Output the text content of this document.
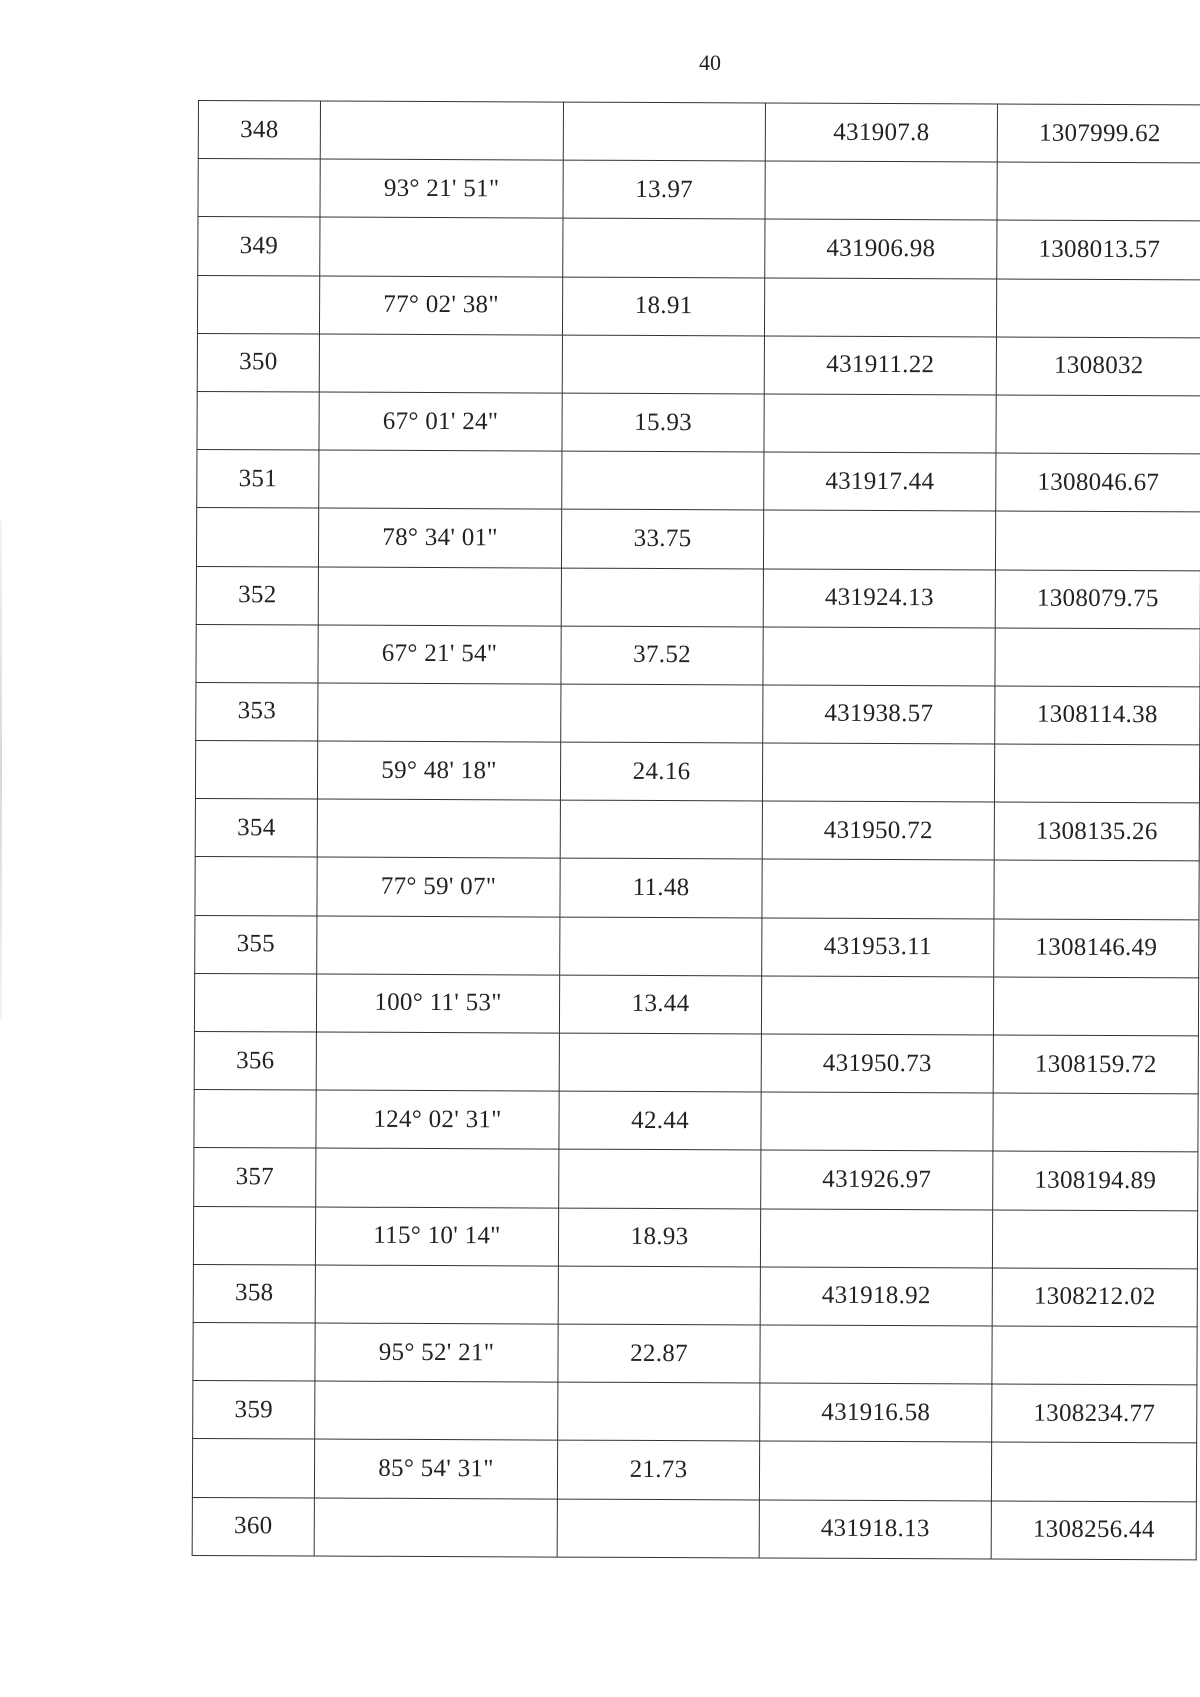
40
348			431907.8	1307999.62
	93° 21' 51"	13.97		
349			431906.98	1308013.57
	77° 02' 38"	18.91		
350			431911.22	1308032
	67° 01' 24"	15.93		
351			431917.44	1308046.67
	78° 34' 01"	33.75		
352			431924.13	1308079.75
	67° 21' 54"	37.52		
353			431938.57	1308114.38
	59° 48' 18"	24.16		
354			431950.72	1308135.26
	77° 59' 07"	11.48		
355			431953.11	1308146.49
	100° 11' 53"	13.44		
356			431950.73	1308159.72
	124° 02' 31"	42.44		
357			431926.97	1308194.89
	115° 10' 14"	18.93		
358			431918.92	1308212.02
	95° 52' 21"	22.87		
359			431916.58	1308234.77
	85° 54' 31"	21.73		
360			431918.13	1308256.44
